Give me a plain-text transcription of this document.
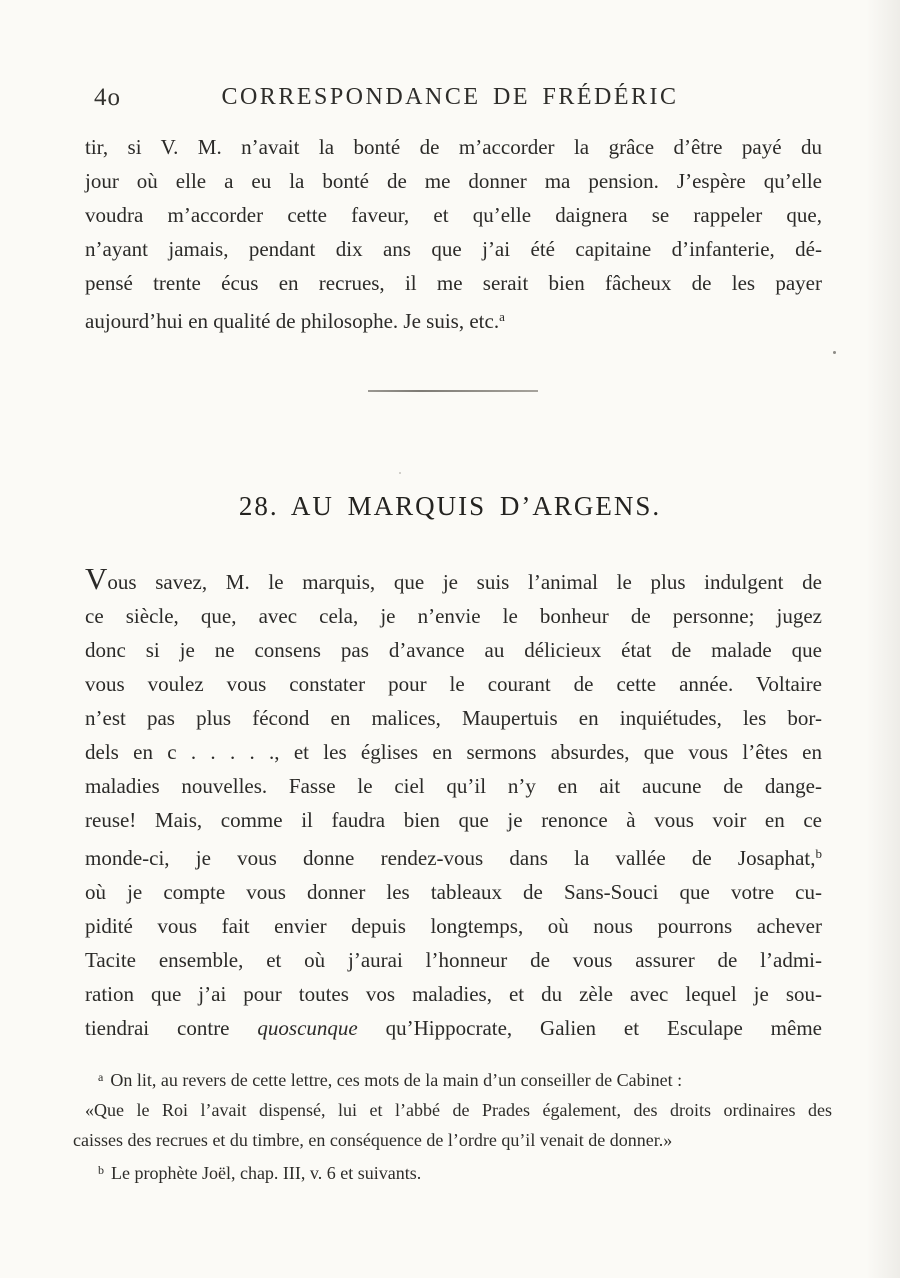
4o	CORRESPONDANCE DE FRÉDÉRIC
tir, si V. M. n’avait la bonté de m’accorder la grâce d’être payé du
jour où elle a eu la bonté de me donner ma pension. J’espère qu’elle
voudra m’accorder cette faveur, et qu’elle daignera se rappeler que,
n’ayant jamais, pendant dix ans que j’ai été capitaine d’infanterie, dé-
pensé trente écus en recrues, il me serait bien fâcheux de les payer
aujourd’hui en qualité de philosophe. Je suis, etc.$^a$
28. AU MARQUIS D’ARGENS.
Vous savez, M. le marquis, que je suis l’animal le plus indulgent de
ce siècle, que, avec cela, je n’envie le bonheur de personne; jugez
donc si je ne consens pas d’avance au délicieux état de malade que
vous voulez vous constater pour le courant de cette année. Voltaire
n’est pas plus fécond en malices, Maupertuis en inquiétudes, les bor-
dels en c . . . . ., et les églises en sermons absurdes, que vous l’êtes en
maladies nouvelles. Fasse le ciel qu’il n’y en ait aucune de dange-
reuse! Mais, comme il faudra bien que je renonce à vous voir en ce
monde-ci, je vous donne rendez-vous dans la vallée de Josaphat,$^b$
où je compte vous donner les tableaux de Sans-Souci que votre cu-
pidité vous fait envier depuis longtemps, où nous pourrons achever
Tacite ensemble, et où j’aurai l’honneur de vous assurer de l’admi-
ration que j’ai pour toutes vos maladies, et du zèle avec lequel je sou-
tiendrai contre quoscunque qu’Hippocrate, Galien et Esculape même
$^a$ On lit, au revers de cette lettre, ces mots de la main d’un conseiller de Cabinet :
«Que le Roi l’avait dispensé, lui et l’abbé de Prades également, des droits ordinaires des
caisses des recrues et du timbre, en conséquence de l’ordre qu’il venait de donner.»
$^b$ Le prophète Joël, chap. III, v. 6 et suivants.
